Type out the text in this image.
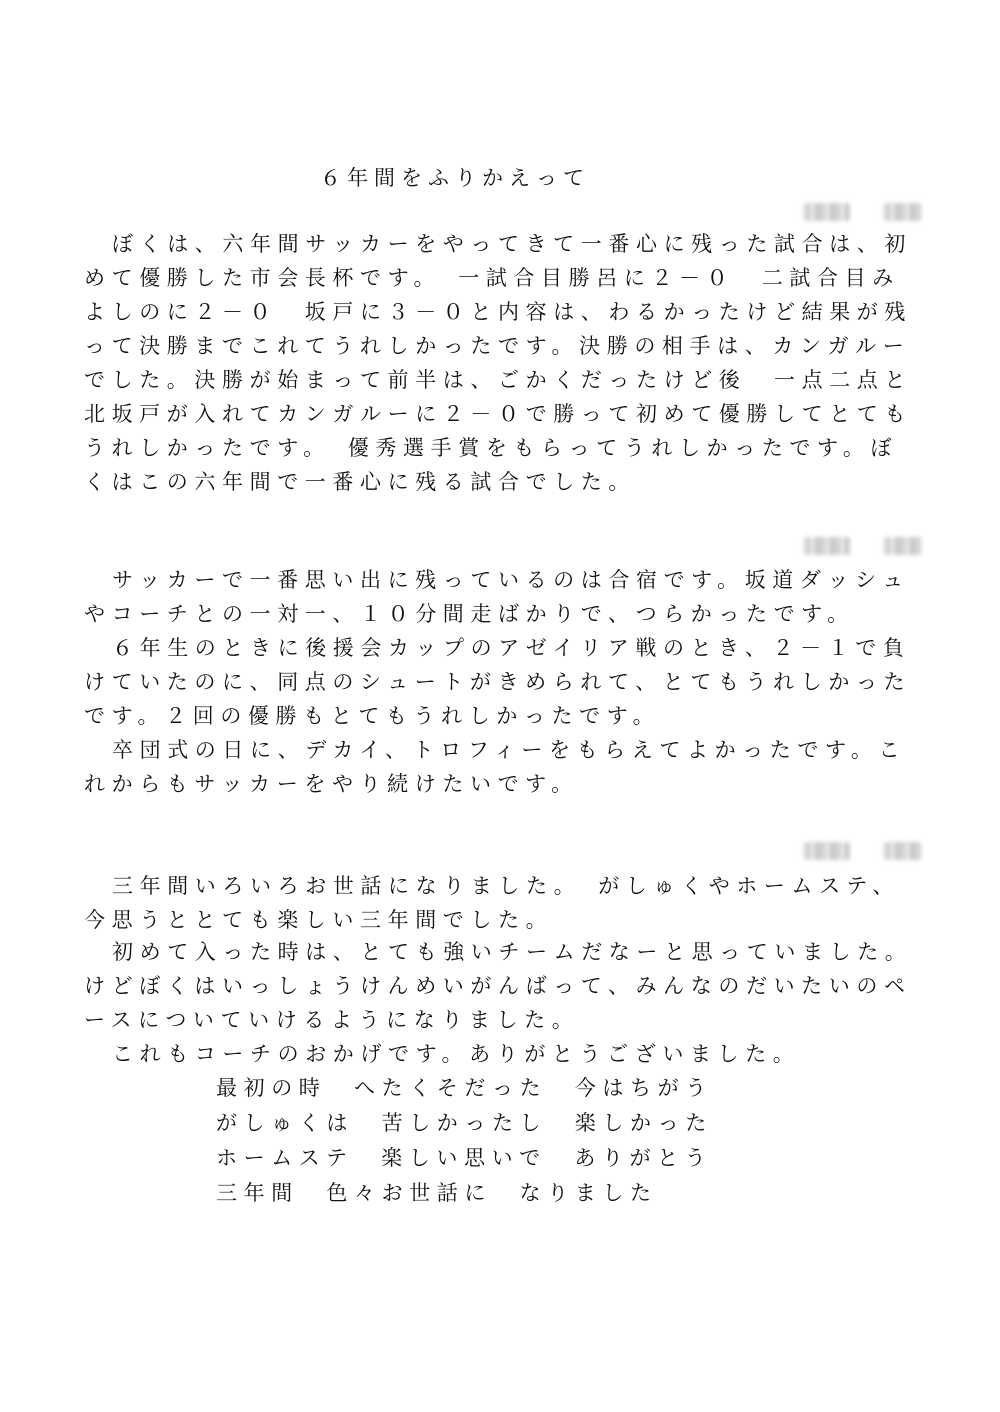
６年間をふりかえって

ぼくは、六年間サッカーをやってきて一番心に残った試合は、初めて優勝した市会長杯です。　一試合目勝呂に２－０　二試合目みよしのに２－０　坂戸に３－０と内容は、わるかったけど結果が残って決勝までこれてうれしかったです。決勝の相手は、カンガルーでした。決勝が始まって前半は、ごかくだったけど後　一点二点と北坂戸が入れてカンガルーに２－０で勝って初めて優勝してとてもうれしかったです。　優秀選手賞をもらってうれしかったです。ぼくはこの六年間で一番心に残る試合でした。

サッカーで一番思い出に残っているのは合宿です。坂道ダッシュやコーチとの一対一、１０分間走ばかりで、つらかったです。

６年生のときに後援会カップのアゼイリア戦のとき、２－１で負けていたのに、同点のシュートがきめられて、とてもうれしかったです。２回の優勝もとてもうれしかったです。

卒団式の日に、デカイ、トロフィーをもらえてよかったです。これからもサッカーをやり続けたいです。

三年間いろいろお世話になりました。　がしゅくやホームステ、今思うととても楽しい三年間でした。

初めて入った時は、とても強いチームだなーと思っていました。けどぼくはいっしょうけんめいがんばって、みんなのだいたいのペースについていけるようになりました。

これもコーチのおかげです。ありがとうございました。

最初の時　へたくそだった　今はちがう
がしゅくは　苦しかったし　楽しかった
ホームステ　楽しい思いで　ありがとう
三年間　色々お世話に　なりました
